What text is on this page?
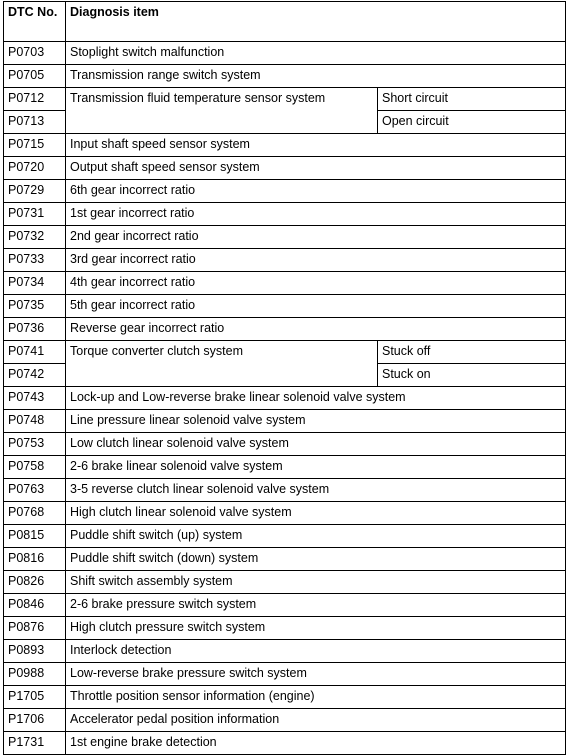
DTC No.	Diagnosis item	
P0703	Stoplight switch malfunction	
P0705	Transmission range switch system	
P0712	Transmission fluid temperature sensor system	Short circuit
P0713		Open circuit
P0715	Input shaft speed sensor system	
P0720	Output shaft speed sensor system	
P0729	6th gear incorrect ratio	
P0731	1st gear incorrect ratio	
P0732	2nd gear incorrect ratio	
P0733	3rd gear incorrect ratio	
P0734	4th gear incorrect ratio	
P0735	5th gear incorrect ratio	
P0736	Reverse gear incorrect ratio	
P0741	Torque converter clutch system	Stuck off
P0742		Stuck on
P0743	Lock-up and Low-reverse brake linear solenoid valve system	
P0748	Line pressure linear solenoid valve system	
P0753	Low clutch linear solenoid valve system	
P0758	2-6 brake linear solenoid valve system	
P0763	3-5 reverse clutch linear solenoid valve system	
P0768	High clutch linear solenoid valve system	
P0815	Puddle shift switch (up) system	
P0816	Puddle shift switch (down) system	
P0826	Shift switch assembly system	
P0846	2-6 brake pressure switch system	
P0876	High clutch pressure switch system	
P0893	Interlock detection	
P0988	Low-reverse brake pressure switch system	
P1705	Throttle position sensor information (engine)	
P1706	Accelerator pedal position information	
P1731	1st engine brake detection	
